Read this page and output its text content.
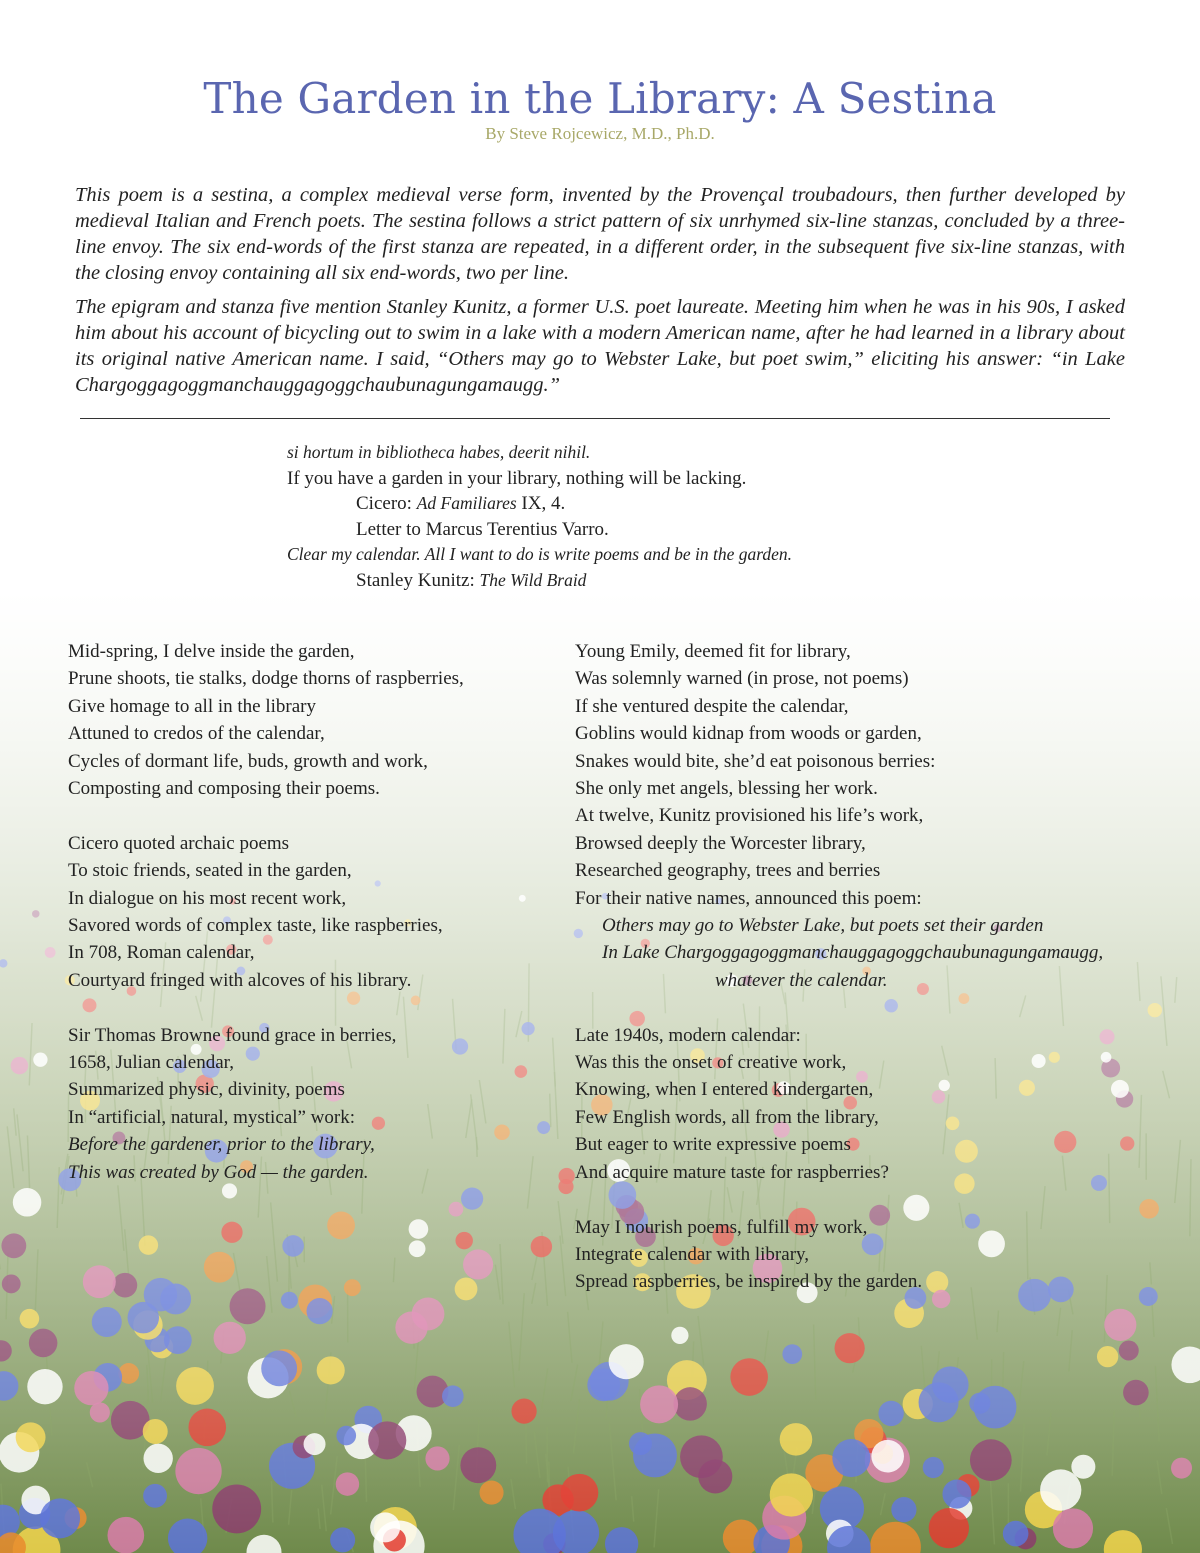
The Garden in the Library: A Sestina
By Steve Rojcewicz, M.D., Ph.D.

This poem is a sestina, a complex medieval verse form, invented by the Provençal troubadours, then further developed by medieval Italian and French poets. The sestina follows a strict pattern of six unrhymed six-line stanzas, concluded by a three-line envoy. The six end-words of the first stanza are repeated, in a different order, in the subsequent five six-line stanzas, with the closing envoy containing all six end-words, two per line.

The epigram and stanza five mention Stanley Kunitz, a former U.S. poet laureate. Meeting him when he was in his 90s, I asked him about his account of bicycling out to swim in a lake with a modern American name, after he had learned in a library about its original native American name. I said, “Others may go to Webster Lake, but poet swim,” eliciting his answer: “in Lake Chargoggagoggmanchauggagoggchaubunagungamaugg.”

si hortum in bibliotheca habes, deerit nihil.
If you have a garden in your library, nothing will be lacking.
Cicero: Ad Familiares IX, 4.
Letter to Marcus Terentius Varro.
Clear my calendar. All I want to do is write poems and be in the garden.
Stanley Kunitz: The Wild Braid
Mid-spring, I delve inside the garden,
Prune shoots, tie stalks, dodge thorns of raspberries,
Give homage to all in the library
Attuned to credos of the calendar,
Cycles of dormant life, buds, growth and work,
Composting and composing their poems.
Cicero quoted archaic poems
To stoic friends, seated in the garden,
In dialogue on his most recent work,
Savored words of complex taste, like raspberries,
In 708, Roman calendar,
Courtyard fringed with alcoves of his library.
Sir Thomas Browne found grace in berries,
1658, Julian calendar,
Summarized physic, divinity, poems
In “artificial, natural, mystical” work:
Before the gardener, prior to the library,
This was created by God — the garden.
Young Emily, deemed fit for library,
Was solemnly warned (in prose, not poems)
If she ventured despite the calendar,
Goblins would kidnap from woods or garden,
Snakes would bite, she’d eat poisonous berries:
She only met angels, blessing her work.
At twelve, Kunitz provisioned his life’s work,
Browsed deeply the Worcester library,
Researched geography, trees and berries
For their native names, announced this poem:
Others may go to Webster Lake, but poets set their garden
In Lake Chargoggagoggmanchauggagoggchaubunagungamaugg,
whatever the calendar.
Late 1940s, modern calendar:
Was this the onset of creative work,
Knowing, when I entered kindergarten,
Few English words, all from the library,
But eager to write expressive poems
And acquire mature taste for raspberries?
May I nourish poems, fulfill my work,
Integrate calendar with library,
Spread raspberries, be inspired by the garden.
